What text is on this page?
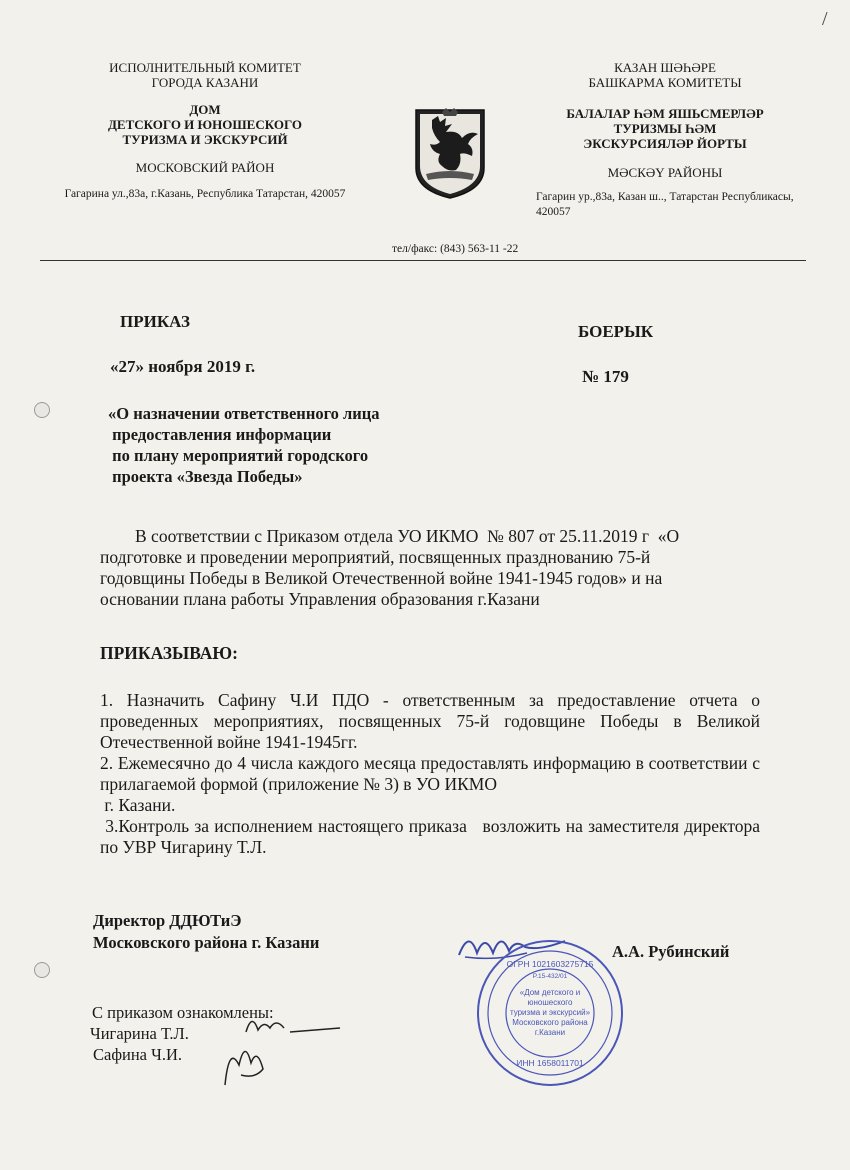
ИСПОЛНИТЕЛЬНЫЙ КОМИТЕТ
ГОРОДА КАЗАНИ
ДОМ
ДЕТСКОГО И ЮНОШЕСКОГО
ТУРИЗМА И ЭКСКУРСИЙ
МОСКОВСКИЙ РАЙОН
Гагарина ул.,83а, г.Казань, Республика Татарстан, 420057
КАЗАН ШӘҺӘРЕ
БАШКАРМА КОМИТЕТЫ
БАЛАЛАР ҺӘМ ЯШЬСМЕРЛӘР
ТУРИЗМЫ ҺӘМ
ЭКСКУРСИЯЛӘР ЙОРТЫ
МӘСКӘҮ РАЙОНЫ
Гагарин ур.,83а, Казан ш.., Татарстан Республикасы,
420057
тел/факс: (843) 563-11 -22
ПРИКАЗ
БОЕРЫК
«27» ноября 2019 г.
№ 179
«О назначении ответственного лица
предоставления информации
по плану мероприятий городского
проекта «Звезда Победы»
В соответствии с Приказом отдела УО ИКМО  № 807 от 25.11.2019 г  «О
подготовке и проведении мероприятий, посвященных празднованию 75-й
годовщины Победы в Великой Отечественной войне 1941-1945 годов» и на
основании плана работы Управления образования г.Казани
ПРИКАЗЫВАЮ:
1. Назначить Сафину Ч.И ПДО - ответственным за предоставление отчета о проведенных мероприятиях, посвященных 75-й годовщине Победы в Великой Отечественной войне 1941-1945гг.
2. Ежемесячно до 4 числа каждого месяца предоставлять информацию в соответствии с прилагаемой формой (приложение № 3) в УО ИКМО
г. Казани.
3.Контроль за исполнением настоящего приказа   возложить на заместителя директора по УВР Чигарину Т.Л.
Директор ДДЮТиЭ
Московского района г. Казани	А.А. Рубинский
ОГРН 1021603275715
P.15-432/01
«Дом детского и
юношеского
туризма и экскурсий»
Московского района
г.Казани
ИНН 1658011701
С приказом ознакомлены:
Чигарина Т.Л.
Сафина Ч.И.
/
